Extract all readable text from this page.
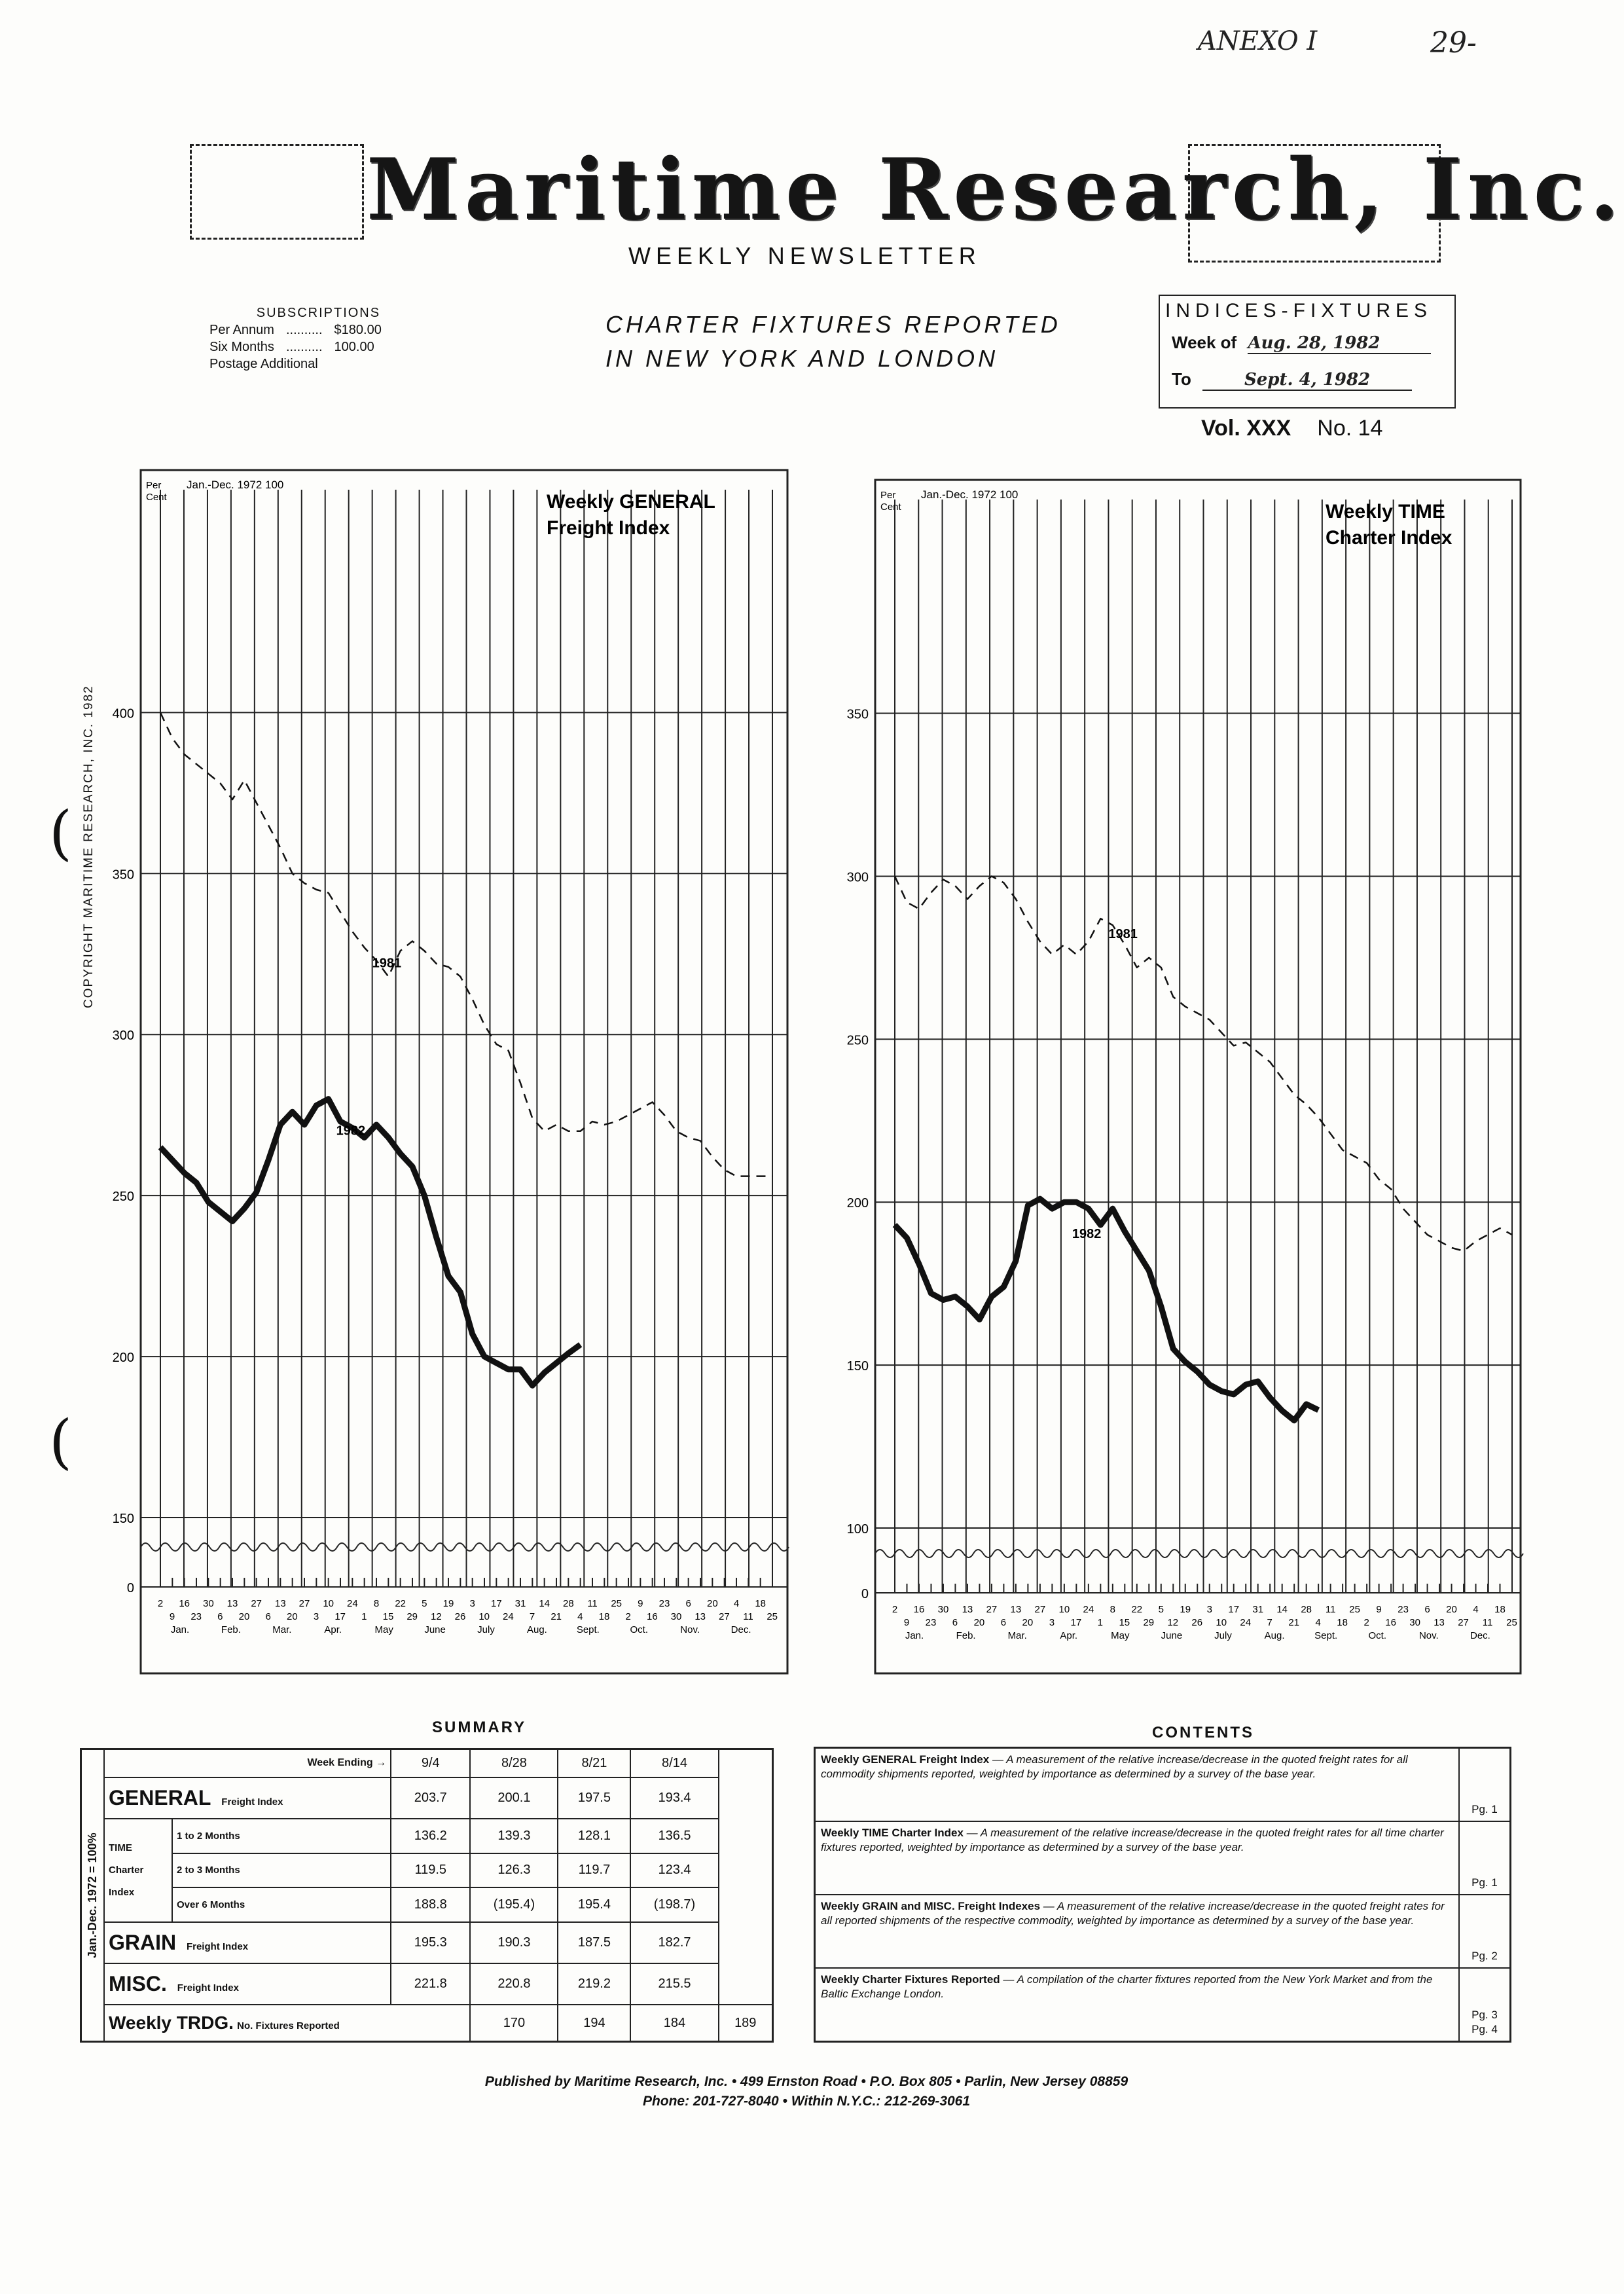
ANEXO I	29-
Maritime Research, Inc.
WEEKLY NEWSLETTER
SUBSCRIPTIONS
Per Annum .......... $180.00
Six Months .......... 100.00
Postage Additional
CHARTER FIXTURES REPORTED
IN NEW YORK AND LONDON
INDICES-FIXTURES
Week of Aug. 28, 1982
To	Sept. 4, 1982
Vol. XXX No. 14
COPYRIGHT MARITIME RESEARCH, INC. 1982
(
(
0
150
200
250
300
350
400
2 16 30 13 27 13 27 10 24 8 22 5 19 3 17 31 14 28 11 25 9 23 6 20 4 18
9 23 6 20 6 20 3 17 1 15 29 12 26 10 24 7 21 4 18 2 16 30 13 27 11 25
Jan.	Feb.	Mar.	Apr.	May	June	July	Aug.	Sept.	Oct.	Nov.	Dec.
Per
Cent
Jan.-Dec. 1972 100
Weekly GENERAL
Freight Index
1981
1982
0
100
150
200
250
300
350
2 16 30 13 27 13 27 10 24 8 22 5 19 3 17 31 14 28 11 25 9 23 6 20 4 18
9 23 6 20 6 20 3 17 1 15 29 12 26 10 24 7 21 4 18 2 16 30 13 27 11 25
Jan.	Feb.	Mar.	Apr.	May	June	July	Aug.	Sept.	Oct.	Nov.	Dec.
Per
Cent
Jan.-Dec. 1972 100
Weekly TIME
Charter Index
1981
1982
SUMMARY
Jan.-Dec. 1972 = 100%	Week Ending →		9/4	8/28	8/21	8/14	
	GENERAL Freight Index		203.7	200.1	197.5	193.4	

	TIME
Charter
Index	1 to 2 Months	136.2	139.3	128.1	136.5	
		2 to 3 Months	119.5	126.3	119.7	123.4	
		Over 6 Months	188.8	(195.4)	195.4	(198.7)	
	GRAIN Freight Index		195.3	190.3	187.5	182.7	
	MISC. Freight Index		221.8	220.8	219.2	215.5	
	Weekly TRDG. No. Fixtures Reported			170	194	184	189
CONTENTS
Weekly GENERAL Freight Index — A measurement of the relative increase/decrease in the quoted freight rates for all commodity shipments reported, weighted by importance as determined by a survey of the base year.	Pg. 1
Weekly TIME Charter Index — A measurement of the relative increase/decrease in the quoted freight rates for all time charter fixtures reported, weighted by importance as determined by a survey of the base year.	Pg. 1
Weekly GRAIN and MISC. Freight Indexes — A measurement of the relative increase/decrease in the quoted freight rates for all reported shipments of the respective commodity, weighted by importance as determined by a survey of the base year.	Pg. 2
Weekly Charter Fixtures Reported — A compilation of the charter fixtures reported from the New York Market and from the Baltic Exchange London.	Pg. 3
Pg. 4
Published by Maritime Research, Inc. • 499 Ernston Road • P.O. Box 805 • Parlin, New Jersey 08859
Phone: 201-727-8040 • Within N.Y.C.: 212-269-3061
